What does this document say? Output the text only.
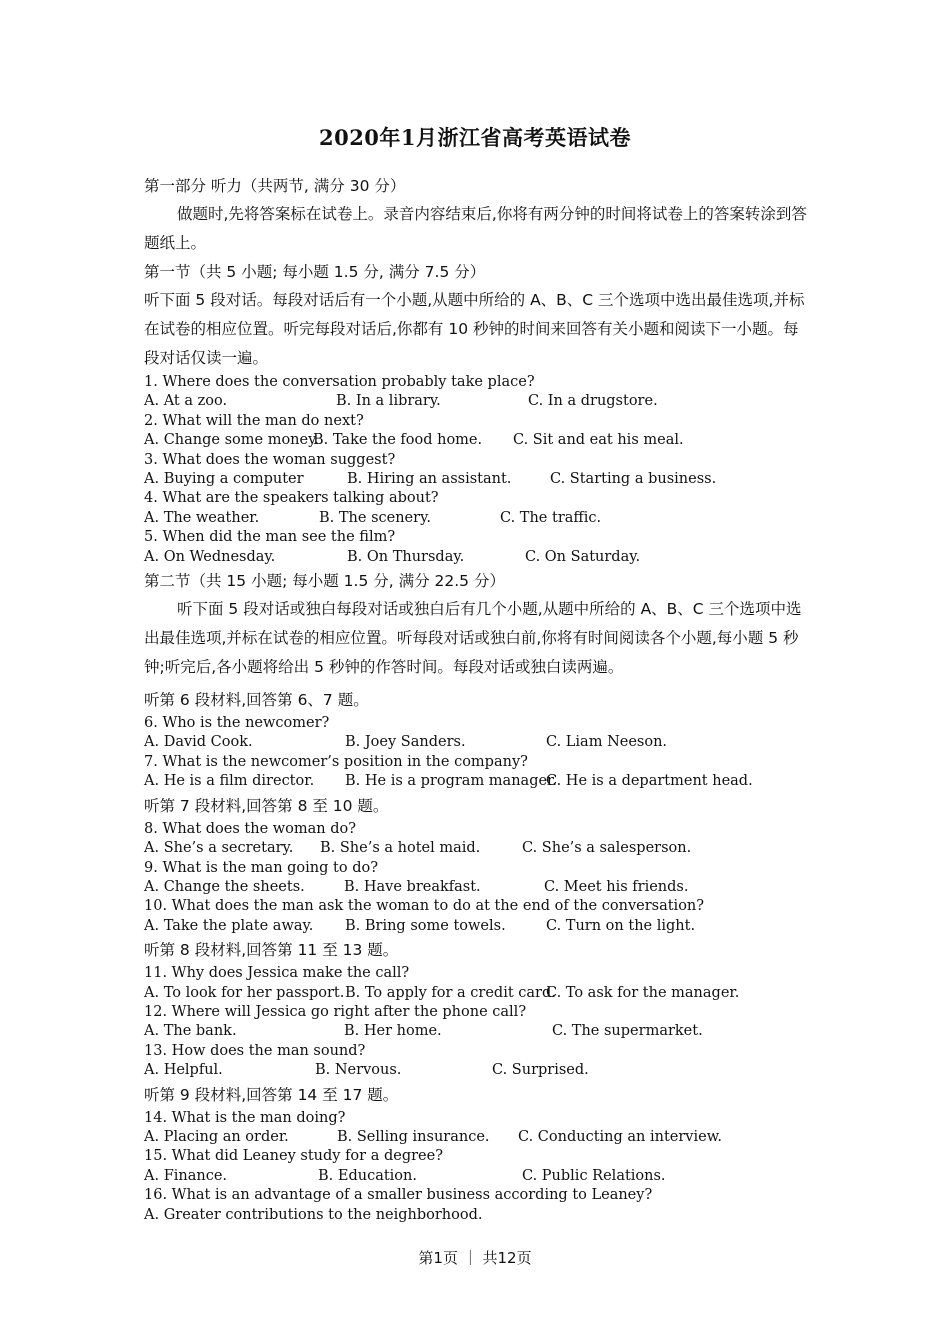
2020年1月浙江省高考英语试卷
第一部分 听力（共两节, 满分 30 分）
做题时,先将答案标在试卷上。录音内容结束后,你将有两分钟的时间将试卷上的答案转涂到答题纸上。
第一节（共 5 小题; 每小题 1.5 分, 满分 7.5 分）
听下面 5 段对话。每段对话后有一个小题,从题中所给的 A、B、C 三个选项中选出最佳选项,并标在试卷的相应位置。听完每段对话后,你都有 10 秒钟的时间来回答有关小题和阅读下一小题。每段对话仅读一遍。
1. Where does the conversation probably take place?
A. At a zoo.	B. In a library.	C. In a drugstore.
2. What will the man do next?
A. Change some money.
B. Take the food home.	C. Sit and eat his meal.
3. What does the woman suggest?
A. Buying a computer	B. Hiring an assistant.	C. Starting a business.
4. What are the speakers talking about?
A. The weather.	B. The scenery.	C. The traffic.
5. When did the man see the film?
A. On Wednesday.	B. On Thursday.	C. On Saturday.
第二节（共 15 小题; 每小题 1.5 分, 满分 22.5 分）
听下面 5 段对话或独白每段对话或独白后有几个小题,从题中所给的 A、B、C 三个选项中选出最佳选项,并标在试卷的相应位置。听每段对话或独白前,你将有时间阅读各个小题,每小题 5 秒钟;听完后,各小题将给出 5 秒钟的作答时间。每段对话或独白读两遍。
听第 6 段材料,回答第 6、7 题。
6. Who is the newcomer?
A. David Cook.	B. Joey Sanders.	C. Liam Neeson.
7. What is the newcomer’s position in the company?
A. He is a film director.	B. He is a program manager.
C. He is a department head.
听第 7 段材料,回答第 8 至 10 题。
8. What does the woman do?
A. She’s a secretary.	B. She’s a hotel maid.	C. She’s a salesperson.
9. What is the man going to do?
A. Change the sheets.	B. Have breakfast.	C. Meet his friends.
10. What does the man ask the woman to do at the end of the conversation?
A. Take the plate away.	B. Bring some towels.	C. Turn on the light.
听第 8 段材料,回答第 11 至 13 题。
11. Why does Jessica make the call?
A. To look for her passport. B. To apply for a credit card.
C. To ask for the manager.
12. Where will Jessica go right after the phone call?
A. The bank.	B. Her home.	C. The supermarket.
13. How does the man sound?
A. Helpful.	B. Nervous.	C. Surprised.
听第 9 段材料,回答第 14 至 17 题。
14. What is the man doing?
A. Placing an order.	B. Selling insurance.	C. Conducting an interview.
15. What did Leaney study for a degree?
A. Finance.	B. Education.	C. Public Relations.
16. What is an advantage of a smaller business according to Leaney?
A. Greater contributions to the neighborhood.
第1页 ｜ 共12页
